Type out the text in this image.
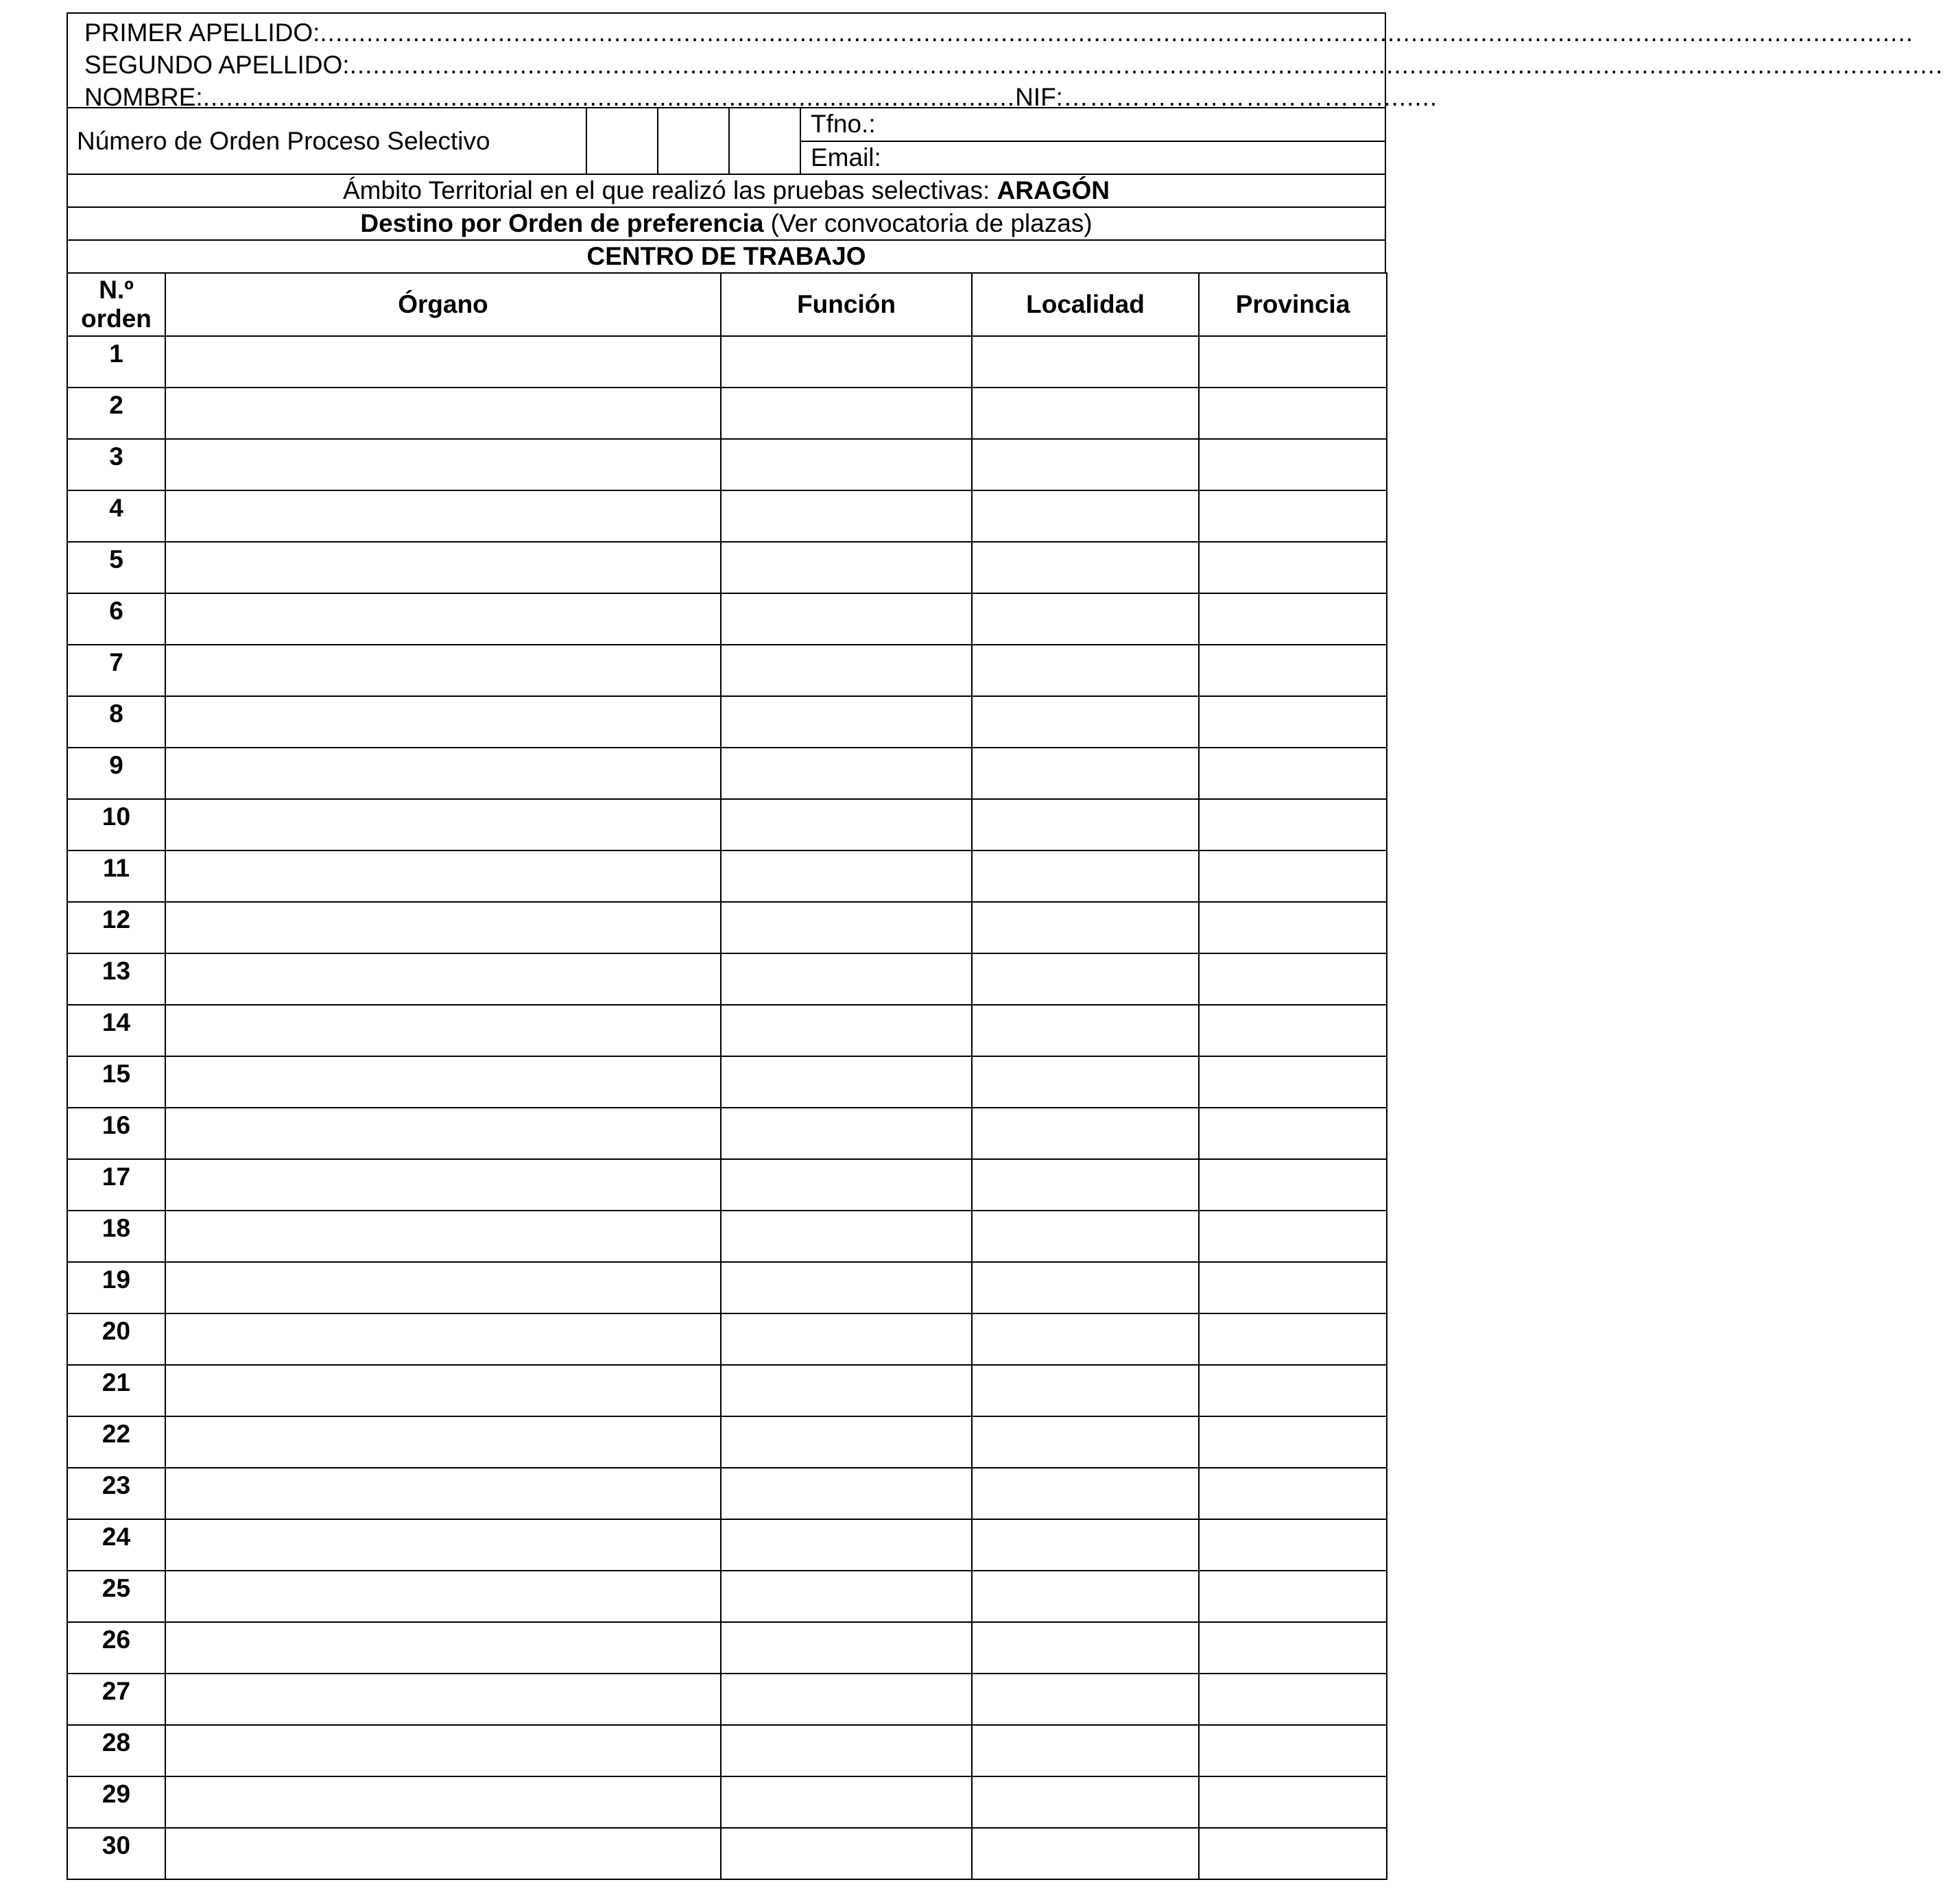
PRIMER APELLIDO: ..............................................................................................................................................................................................................
SEGUNDO APELLIDO: ..............................................................................................................................................................................................................
NOMBRE: ......................................................................................................... NIF: ………………………………........
Número de Orden Proceso Selectivo
Tfno.:
Email:
Ámbito Territorial en el que realizó las pruebas selectivas: ARAGÓN
Destino por Orden de preferencia (Ver convocatoria de plazas)
CENTRO DE TRABAJO
N.º
orden	Órgano	Función	Localidad	Provincia
1				
2				
3				
4				
5				
6				
7				
8				
9				
10				
11				
12				
13				
14				
15				
16				
17				
18				
19				
20				
21				
22				
23				
24				
25				
26				
27				
28				
29				
30				
